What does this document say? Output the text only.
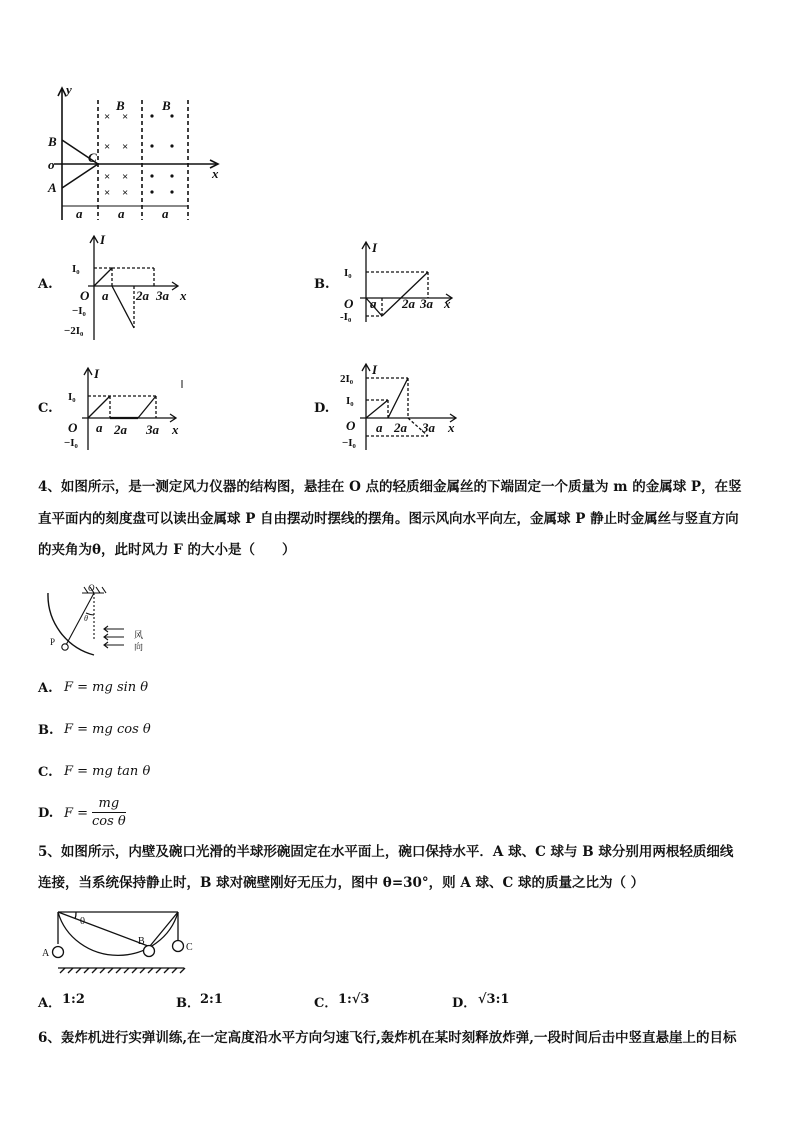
× ×
× ×
× ×
× ×
y
x
B
o
A
C
B	B
a	a	a
A.
I
O
I₀
−I₀
−2I₀
a 2a 3a x
B.
I
O
I₀
-I₀
a 2a 3a x
C.
I
O
I₀
−I₀
a 2a 3a x
D.
I
O
2I₀
I₀
−I₀
a 2a 3a x
4、如图所示，是一测定风力仪器的结构图，悬挂在 O 点的轻质细金属丝的下端固定一个质量为 m 的金属球 P，在竖
直平面内的刻度盘可以读出金属球 P 自由摆动时摆线的摆角。图示风向水平向左，金属球 P 静止时金属丝与竖直方向
的夹角为θ，此时风力 F 的大小是（　　）
O
θ
P
风
向
A. F = mg sin θ
B. F = mg cos θ
C. F = mg tan θ
D. $F = \frac{mg}{\text{cos θ}}$
5、如图所示，内壁及碗口光滑的半球形碗固定在水平面上，碗口保持水平．A 球、C 球与 B 球分别用两根轻质细线
连接，当系统保持静止时，B 球对碗壁刚好无压力，图中 θ=30°，则 A 球、C 球的质量之比为（ ）
0
A
B
C
A． 1:2	B． 2:1	C． 1:√3	D． √3:1
6、轰炸机进行实弹训练,在一定高度沿水平方向匀速飞行,轰炸机在某时刻释放炸弹,一段时间后击中竖直悬崖上的目标
